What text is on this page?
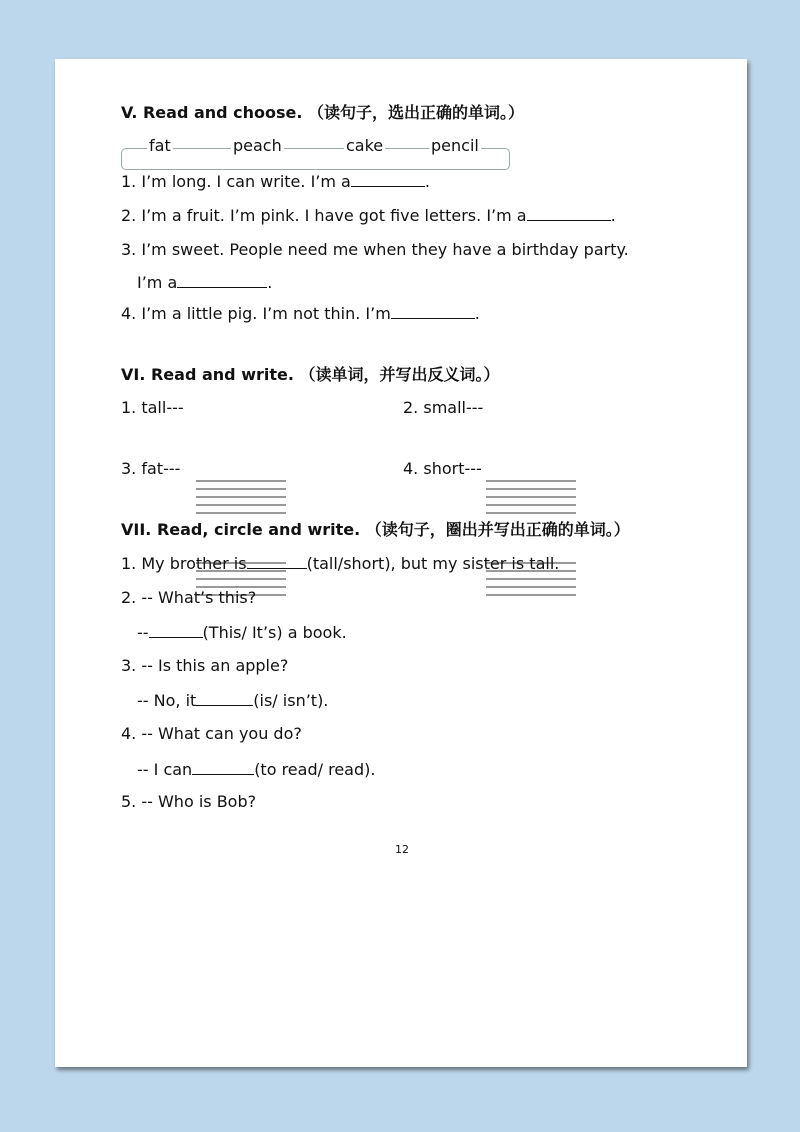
V. Read and choose. （读句子，选出正确的单词。）
fat	peach	cake	pencil
1. I’m long. I can write. I’m a	.
2. I’m a fruit. I’m pink. I have got five letters. I’m a	.
3. I’m sweet. People need me when they have a birthday party.
I’m a	.
4. I’m a little pig. I’m not thin. I’m	.
VI. Read and write. （读单词，并写出反义词。）
1. tall---	2. small---
3. fat---	4. short---
VII. Read, circle and write. （读句子，圈出并写出正确的单词。）
1. My brother is	(tall/short), but my sister is tall.
2. -- What’s this?
--	(This/ It’s) a book.
3. -- Is this an apple?
-- No, it	(is/ isn’t).
4. -- What can you do?
-- I can	(to read/ read).
5. -- Who is Bob?
12
